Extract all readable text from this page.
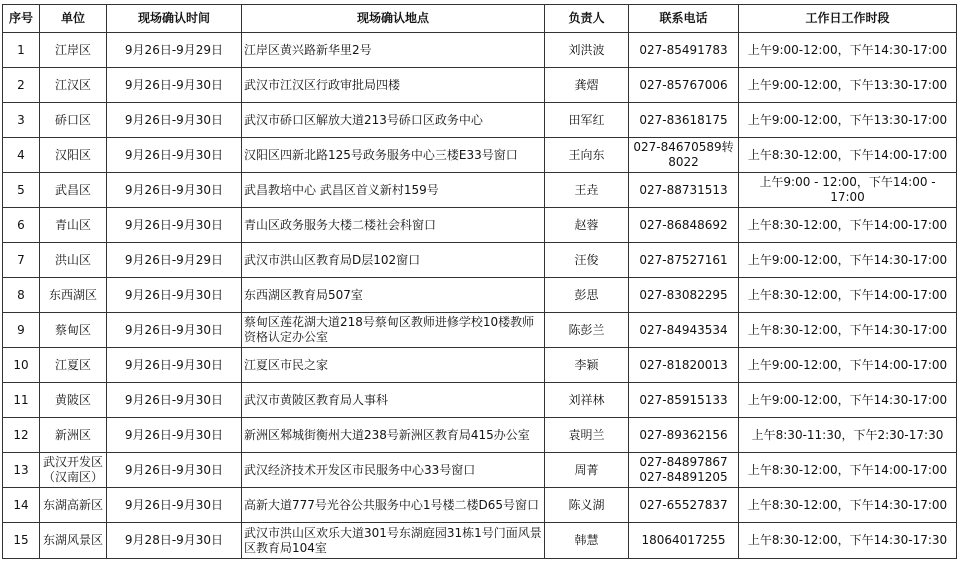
序号	单位	现场确认时间	现场确认地点	负责人	联系电话	工作日工作时段
1	江岸区	9月26日-9月29日	江岸区黄兴路新华里2号	刘洪波	027-85491783	上午9:00-12:00，下午14:30-17:00
2	江汉区	9月26日-9月30日	武汉市江汉区行政审批局四楼	龚熠	027-85767006	上午9:00-12:00，下午13:30-17:00
3	硚口区	9月26日-9月30日	武汉市硚口区解放大道213号硚口区政务中心	田军红	027-83618175	上午9:00-12:00，下午13:30-17:00
4	汉阳区	9月26日-9月30日	汉阳区四新北路125号政务服务中心三楼E33号窗口	王向东	027-84670589转8022	上午8:30-12:00，下午14:00-17:00
5	武昌区	9月26日-9月30日	武昌教培中心 武昌区首义新村159号	王垚	027-88731513	上午9:00 - 12:00，下午14:00 - 17:00
6	青山区	9月26日-9月30日	青山区政务服务大楼二楼社会科窗口	赵蓉	027-86848692	上午8:30-12:00，下午14:00-17:00
7	洪山区	9月26日-9月29日	武汉市洪山区教育局D层102窗口	汪俊	027-87527161	上午9:00-12:00，下午14:30-17:00
8	东西湖区	9月26日-9月30日	东西湖区教育局507室	彭思	027-83082295	上午8:30-12:00，下午14:00-17:00
9	蔡甸区	9月26日-9月30日	蔡甸区莲花湖大道218号蔡甸区教师进修学校10楼教师资格认定办公室	陈彭兰	027-84943534	上午8:30-12:00，下午14:30-17:00
10	江夏区	9月26日-9月30日	江夏区市民之家	李颖	027-81820013	上午9:00-12:00，下午14:00-17:00
11	黄陂区	9月26日-9月30日	武汉市黄陂区教育局人事科	刘祥林	027-85915133	上午9:00-12:00，下午14:30-17:00
12	新洲区	9月26日-9月30日	新洲区邾城街衡州大道238号新洲区教育局415办公室	袁明兰	027-89362156	上午8:30-11:30，下午2:30-17:30
13	武汉开发区（汉南区）	9月26日-9月30日	武汉经济技术开发区市民服务中心33号窗口	周菁	027-84897867 027-84891205	上午8:30-12:00，下午14:00-17:00
14	东湖高新区	9月26日-9月30日	高新大道777号光谷公共服务中心1号楼二楼D65号窗口	陈义湖	027-65527837	上午8:30-12:00，下午14:30-17:00
15	东湖风景区	9月28日-9月30日	武汉市洪山区欢乐大道301号东湖庭园31栋1号门面风景区教育局104室	韩慧	18064017255	上午8:30-12:00，下午14:30-17:30
